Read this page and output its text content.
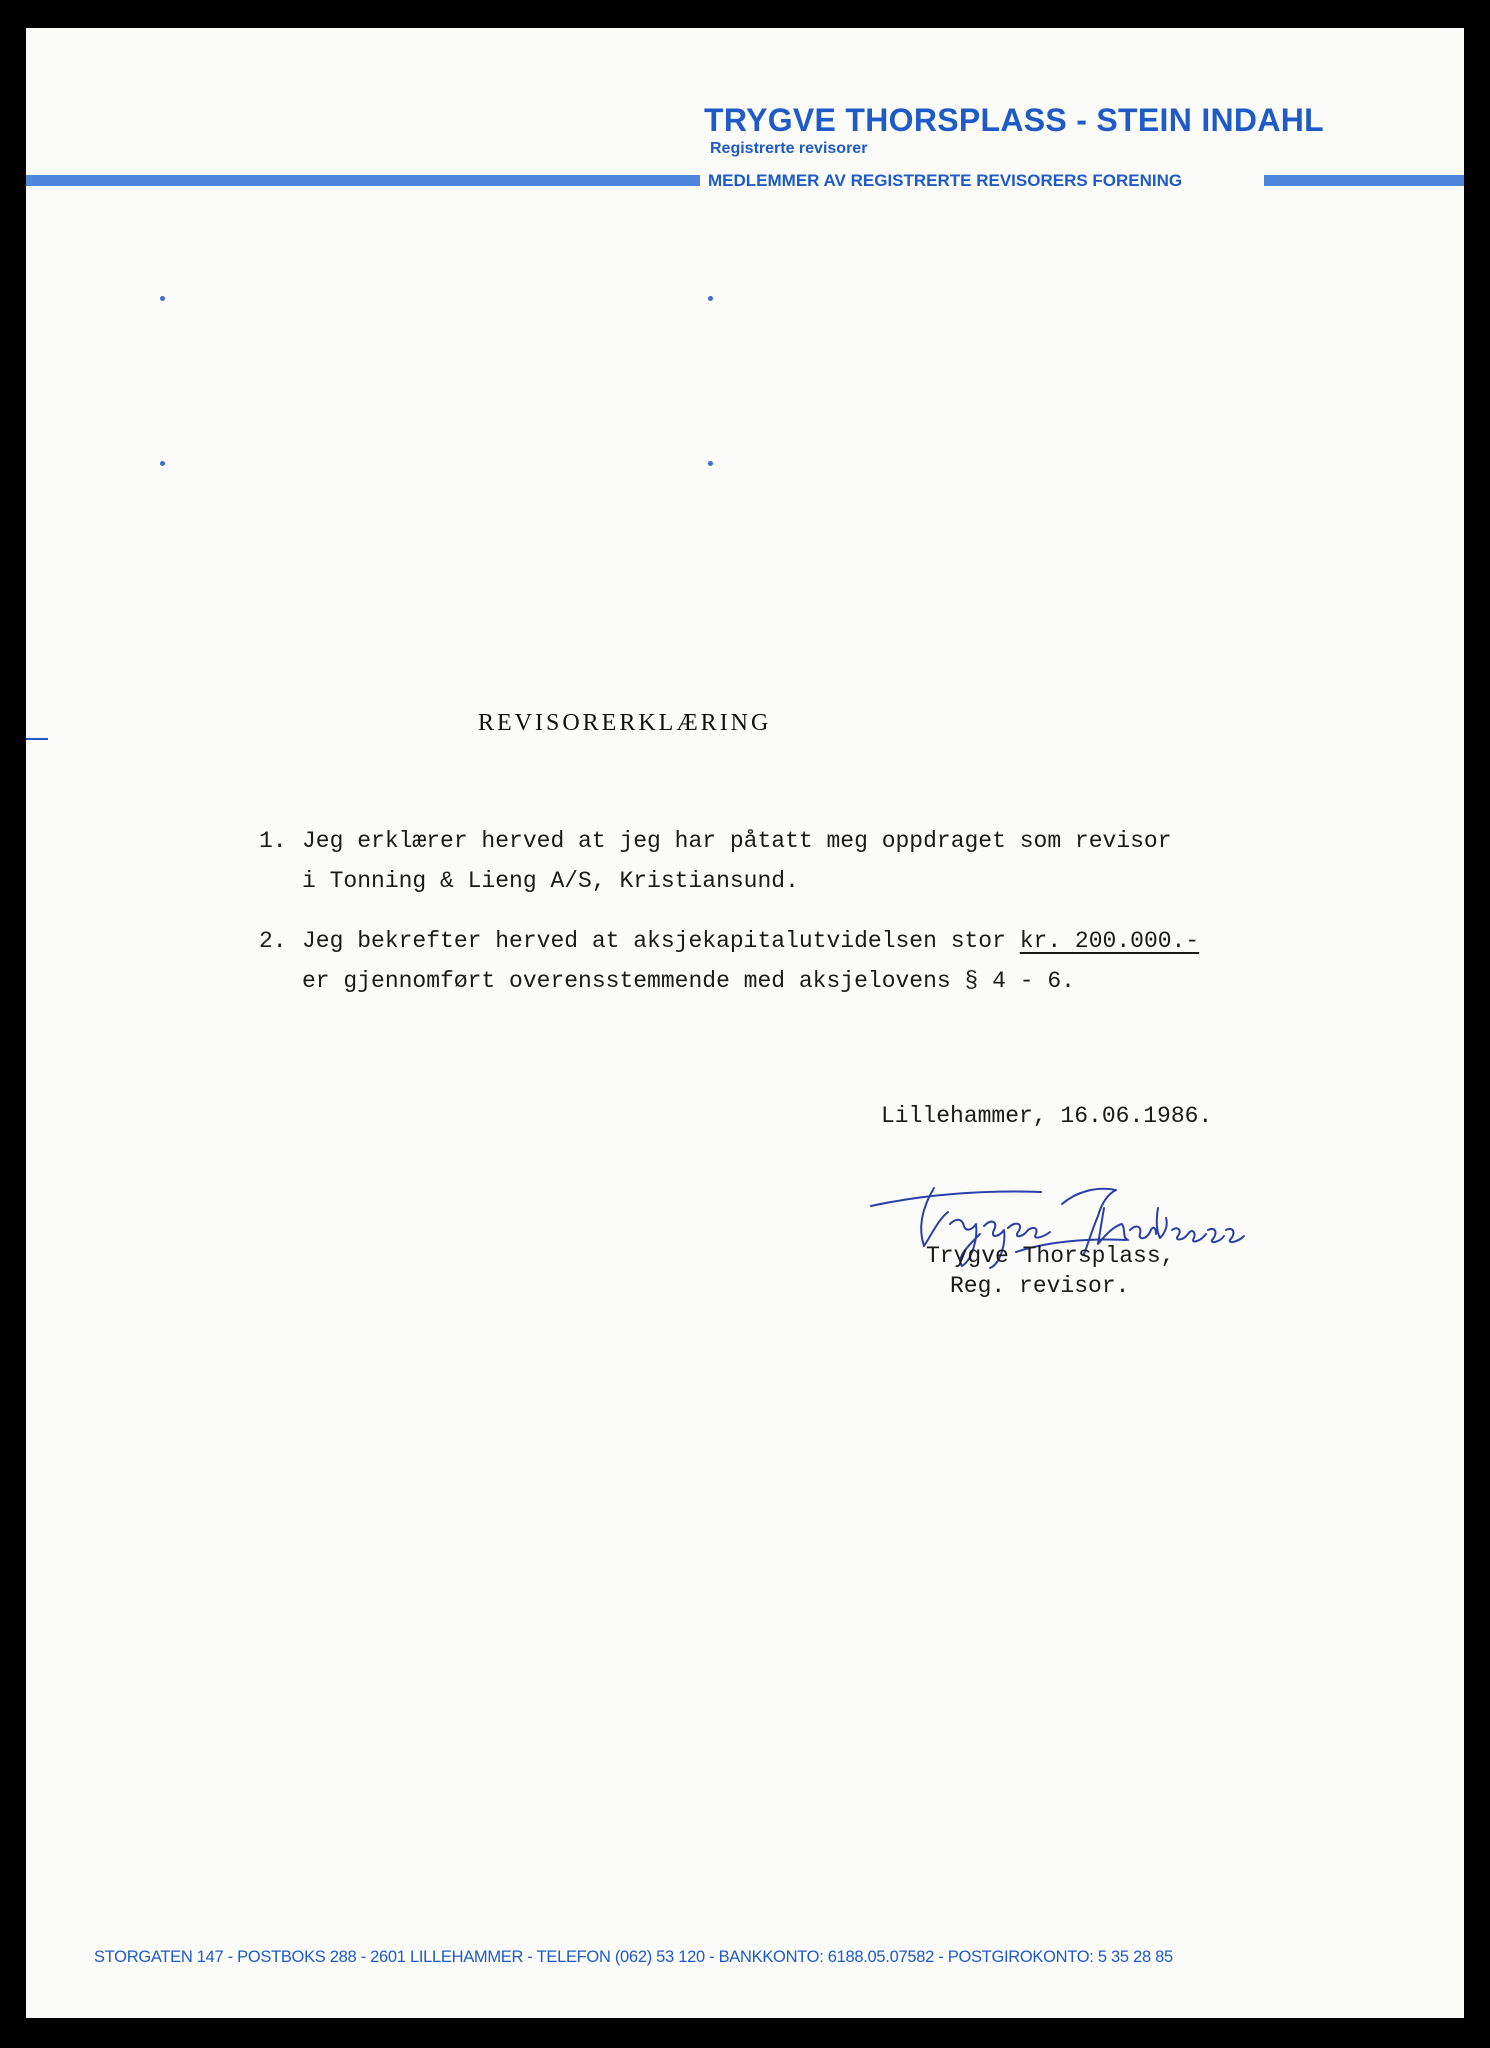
TRYGVE THORSPLASS - STEIN INDAHL
Registrerte revisorer
MEDLEMMER AV REGISTRERTE REVISORERS FORENING
REVISORERKLÆRING
1. Jeg erklærer herved at jeg har påtatt meg oppdraget som revisor
i Tonning & Lieng A/S, Kristiansund.
2. Jeg bekrefter herved at aksjekapitalutvidelsen stor kr. 200.000.-
er gjennomført overensstemmende med aksjelovens § 4 - 6.
Lillehammer, 16.06.1986.
Trygve Thorsplass,
Reg. revisor.
STORGATEN 147 - POSTBOKS 288 - 2601 LILLEHAMMER - TELEFON (062) 53 120 - BANKKONTO: 6188.05.07582 - POSTGIROKONTO: 5 35 28 85
